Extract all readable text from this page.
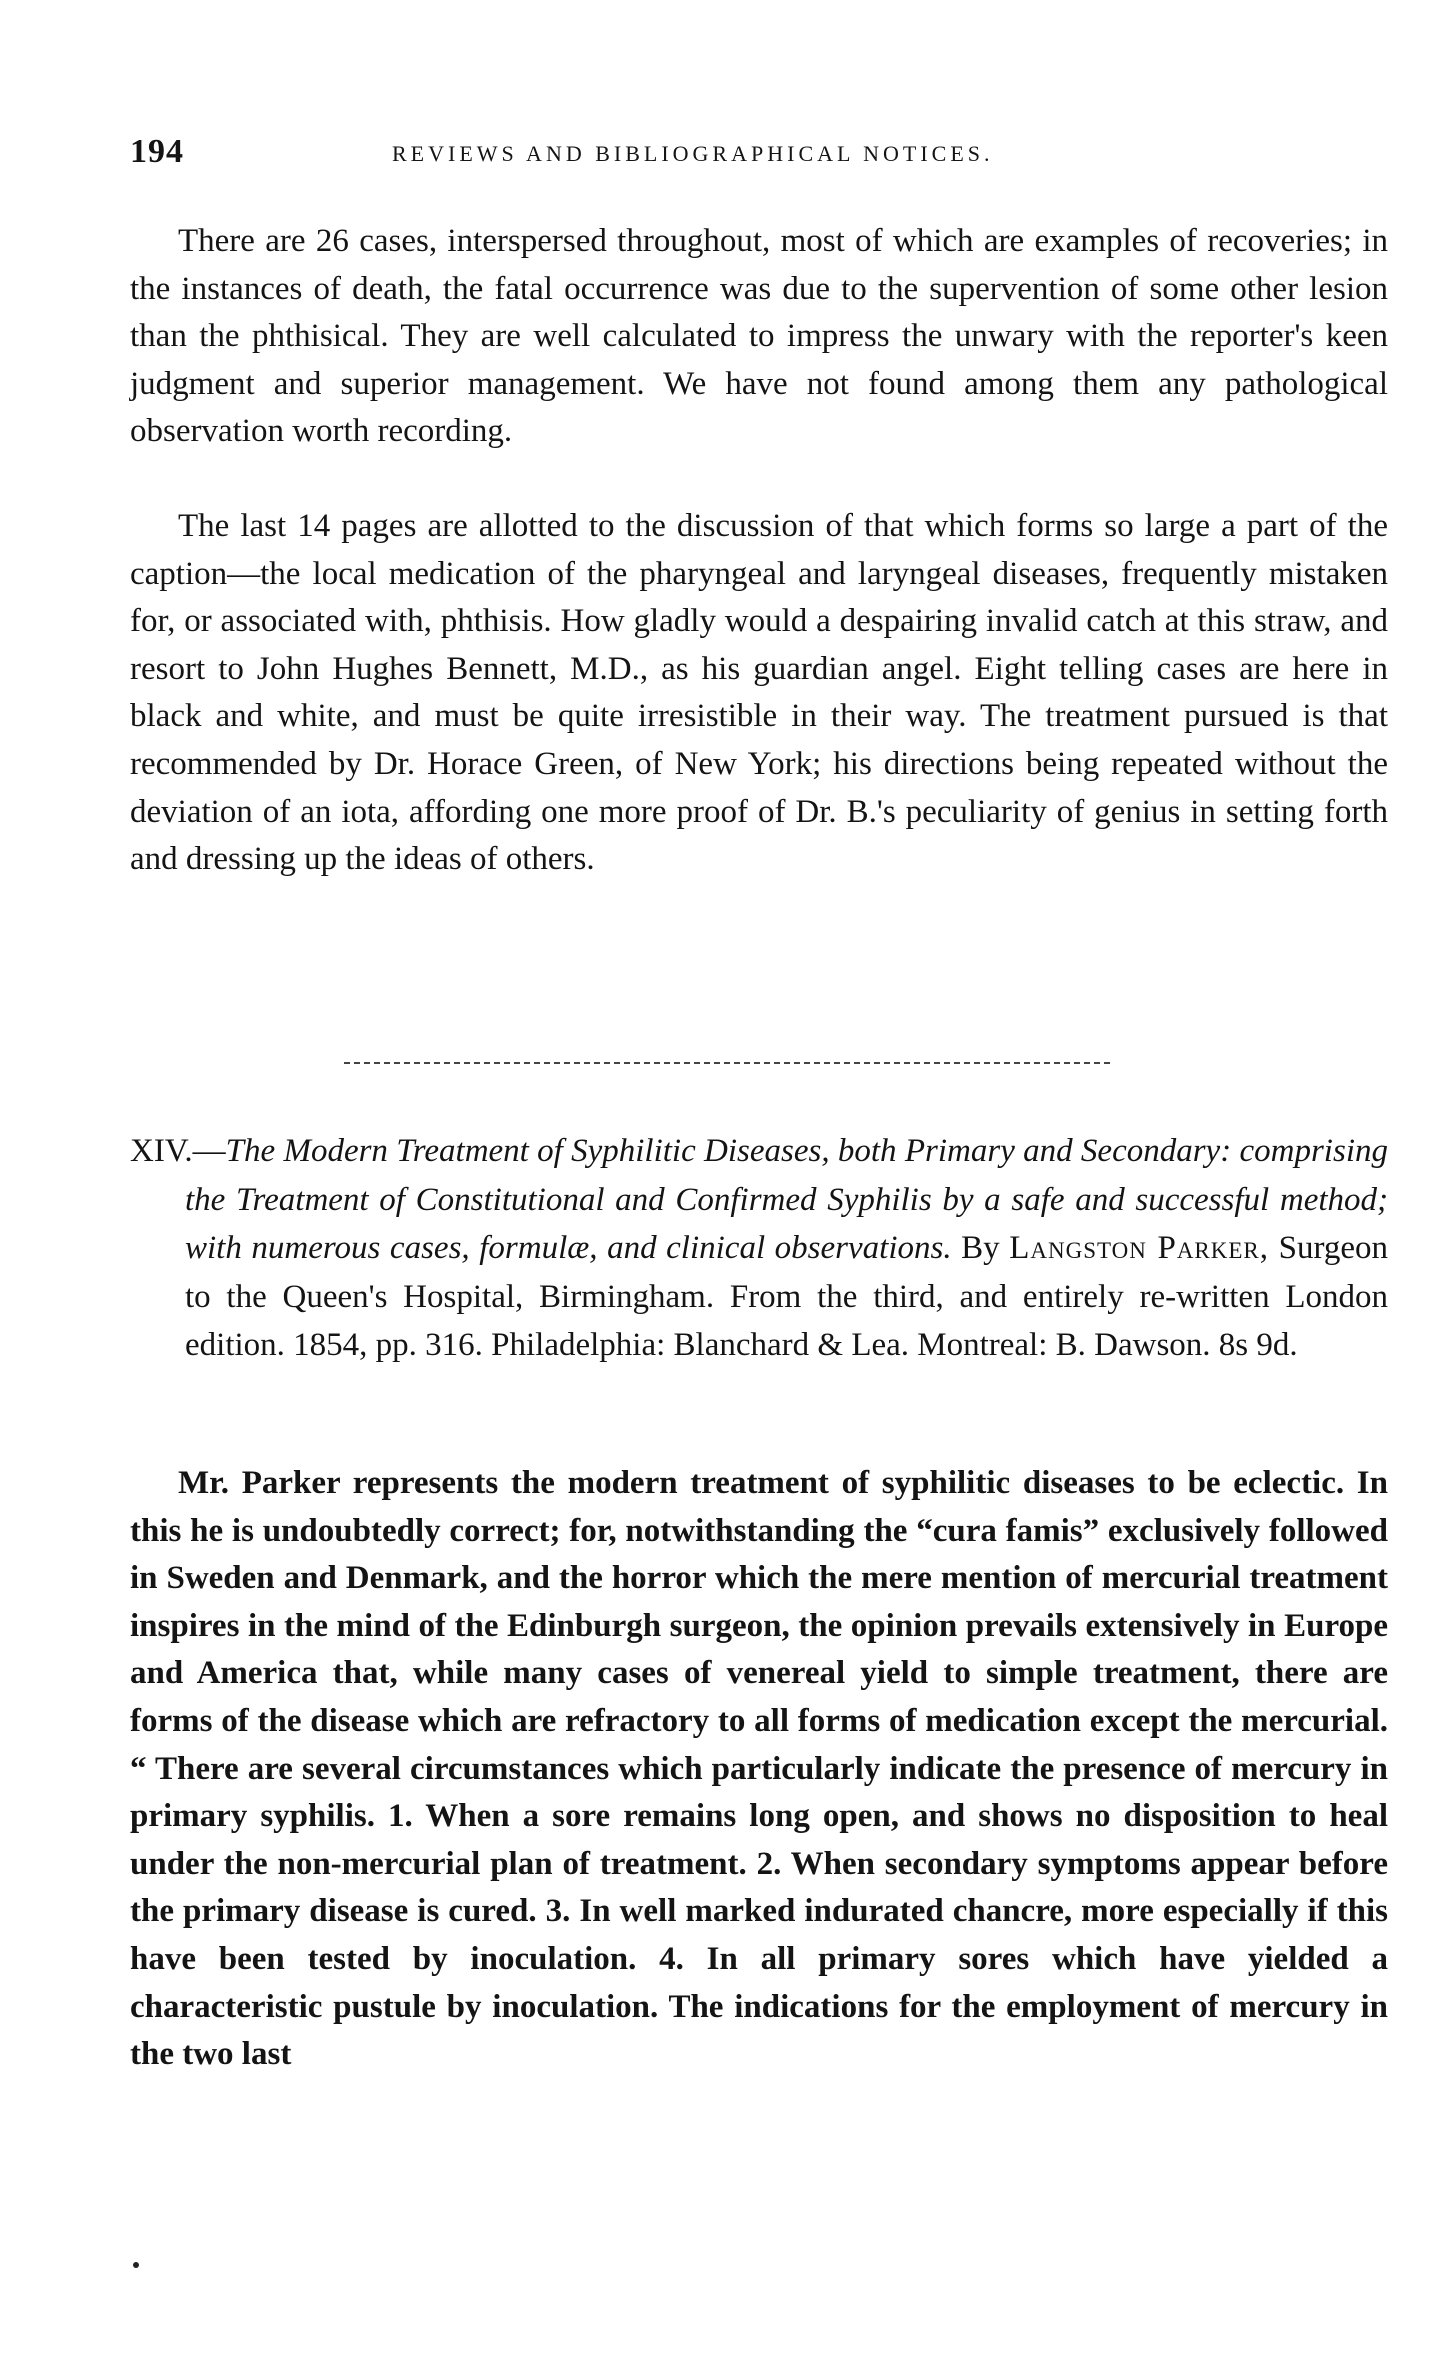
194	REVIEWS AND BIBLIOGRAPHICAL NOTICES.

There are 26 cases, interspersed throughout, most of which are examples of recoveries; in the instances of death, the fatal occurrence was due to the supervention of some other lesion than the phthisical. They are well calculated to impress the unwary with the reporter's keen judgment and superior management. We have not found among them any pathological observation worth recording.

The last 14 pages are allotted to the discussion of that which forms so large a part of the caption—the local medication of the pharyngeal and laryngeal diseases, frequently mistaken for, or associated with, phthisis. How gladly would a despairing invalid catch at this straw, and resort to John Hughes Bennett, M.D., as his guardian angel. Eight telling cases are here in black and white, and must be quite irresistible in their way. The treatment pursued is that recommended by Dr. Horace Green, of New York; his directions being repeated without the deviation of an iota, affording one more proof of Dr. B.'s peculiarity of genius in setting forth and dressing up the ideas of others.

XIV.—The Modern Treatment of Syphilitic Diseases, both Primary and Secondary: comprising the Treatment of Constitutional and Confirmed Syphilis by a safe and successful method; with numerous cases, formulæ, and clinical observations. By Langston Parker, Surgeon to the Queen's Hospital, Birmingham. From the third, and entirely re-written London edition. 1854, pp. 316. Philadelphia: Blanchard & Lea. Montreal: B. Dawson. 8s 9d.

Mr. Parker represents the modern treatment of syphilitic diseases to be eclectic. In this he is undoubtedly correct; for, notwithstanding the “cura famis” exclusively followed in Sweden and Denmark, and the horror which the mere mention of mercurial treatment inspires in the mind of the Edinburgh surgeon, the opinion prevails extensively in Europe and America that, while many cases of venereal yield to simple treatment, there are forms of the disease which are refractory to all forms of medication except the mercurial. “ There are several circumstances which particularly indicate the presence of mercury in primary syphilis. 1. When a sore remains long open, and shows no disposition to heal under the non-mercurial plan of treatment. 2. When secondary symptoms appear before the primary disease is cured. 3. In well marked indurated chancre, more especially if this have been tested by inoculation. 4. In all primary sores which have yielded a characteristic pustule by inoculation. The indications for the employment of mercury in the two last
